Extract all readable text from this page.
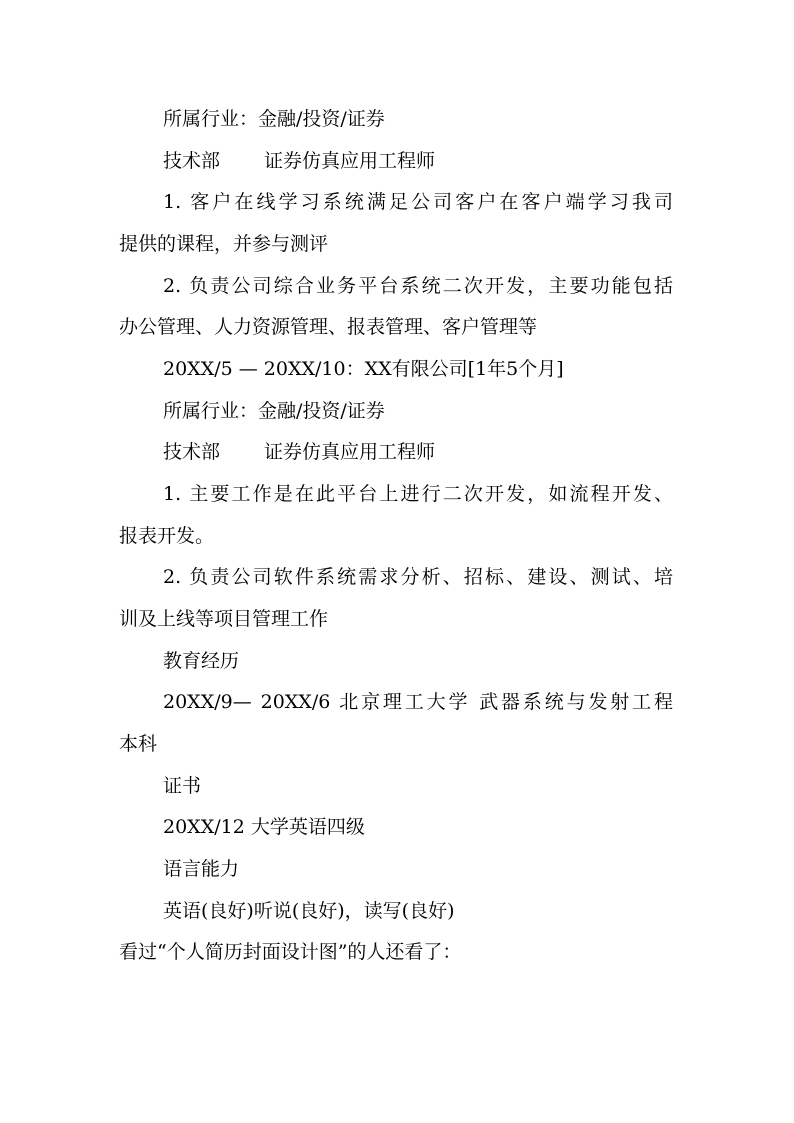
所属行业：金融/投资/证券
技术部　　 证券仿真应用工程师
1. 客户在线学习系统满足公司客户在客户端学习我司
提供的课程，并参与测评
2. 负责公司综合业务平台系统二次开发，主要功能包括
办公管理、人力资源管理、报表管理、客户管理等
20XX/5 — 20XX/10：XX有限公司[1年5个月]
所属行业：金融/投资/证券
技术部　　 证券仿真应用工程师
1. 主要工作是在此平台上进行二次开发，如流程开发、
报表开发。
2. 负责公司软件系统需求分析、招标、建设、测试、培
训及上线等项目管理工作
教育经历
20XX/9— 20XX/6 北京理工大学 武器系统与发射工程
本科
证书
20XX/12 大学英语四级
语言能力
英语(良好)听说(良好)，读写(良好)
看过“个人简历封面设计图”的人还看了：
